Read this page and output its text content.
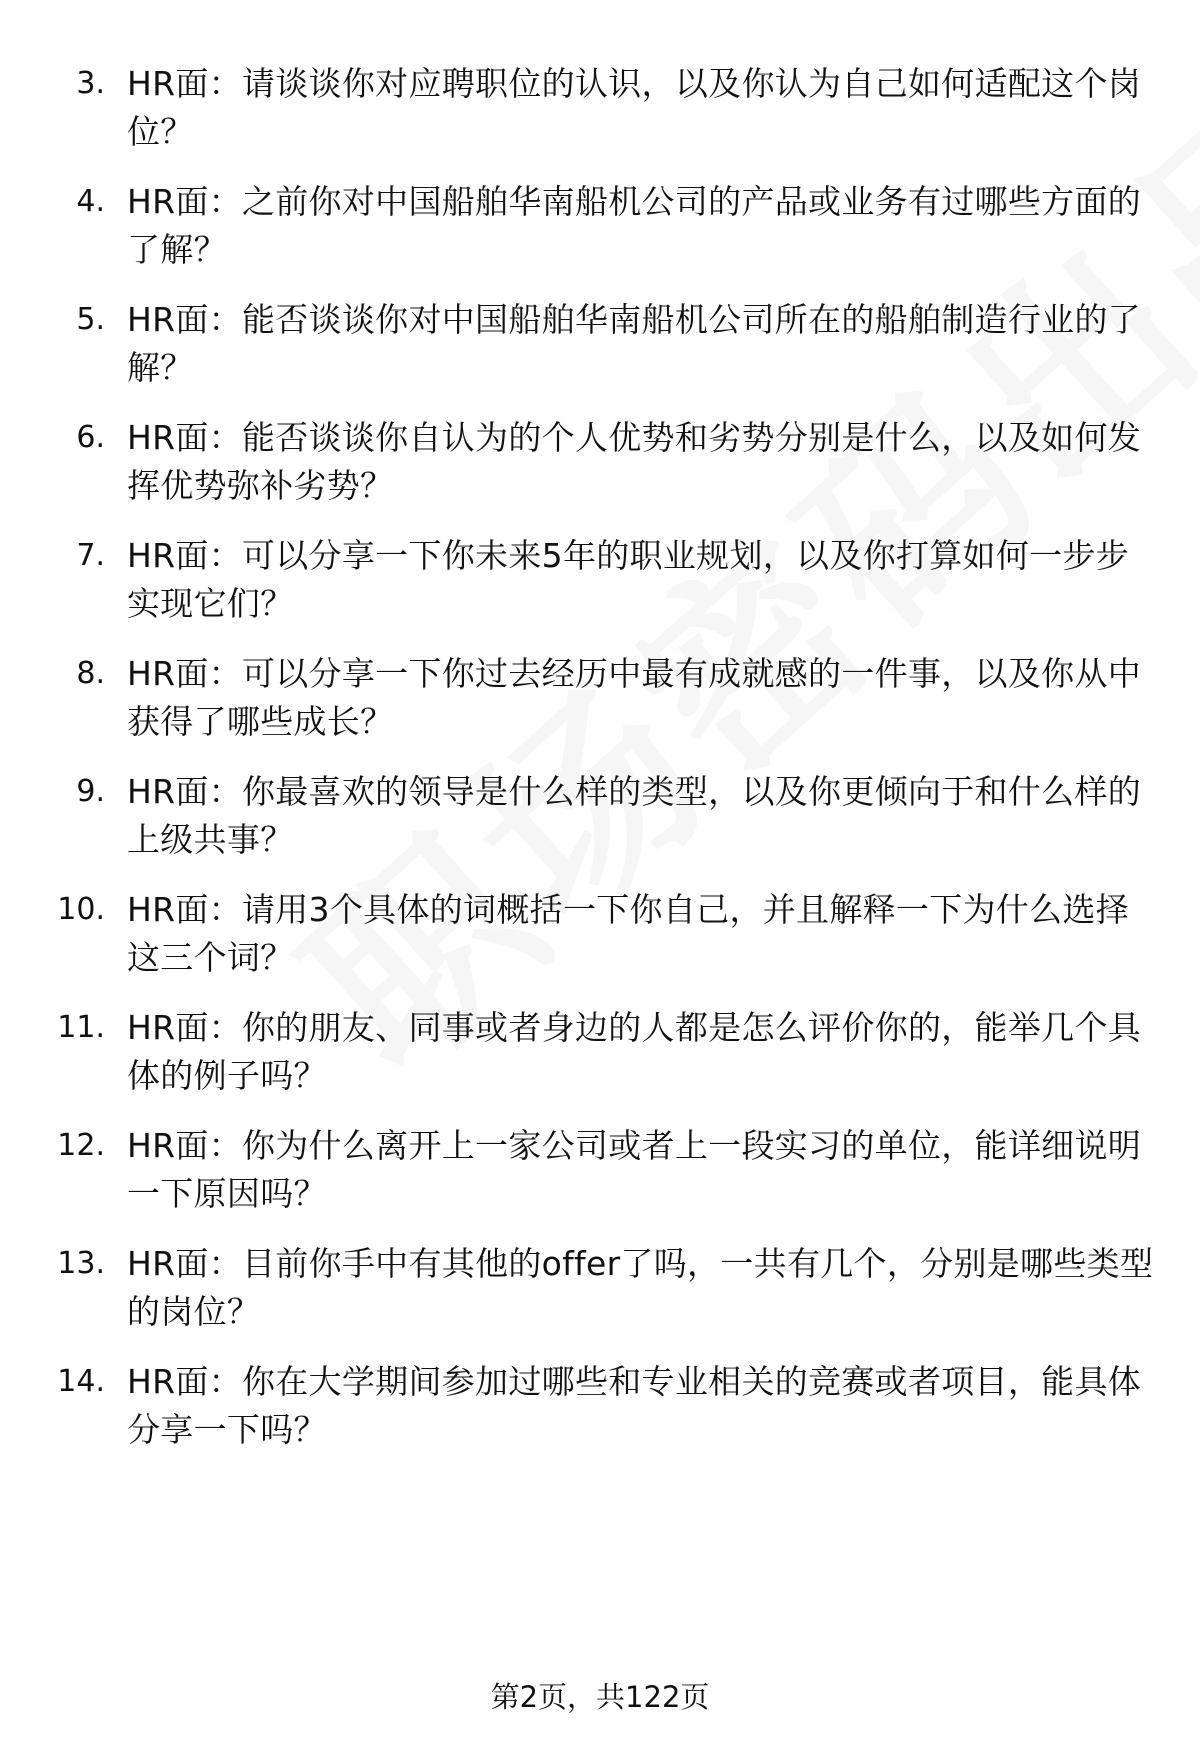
3. HR面：请谈谈你对应聘职位的认识，以及你认为自己如何适配这个岗位？
4. HR面：之前你对中国船舶华南船机公司的产品或业务有过哪些方面的了解？
5. HR面：能否谈谈你对中国船舶华南船机公司所在的船舶制造行业的了解？
6. HR面：能否谈谈你自认为的个人优势和劣势分别是什么，以及如何发挥优势弥补劣势？
7. HR面：可以分享一下你未来5年的职业规划，以及你打算如何一步步实现它们？
8. HR面：可以分享一下你过去经历中最有成就感的一件事，以及你从中获得了哪些成长？
9. HR面：你最喜欢的领导是什么样的类型，以及你更倾向于和什么样的上级共事？
10. HR面：请用3个具体的词概括一下你自己，并且解释一下为什么选择这三个词？
11. HR面：你的朋友、同事或者身边的人都是怎么评价你的，能举几个具体的例子吗？
12. HR面：你为什么离开上一家公司或者上一段实习的单位，能详细说明一下原因吗？
13. HR面：目前你手中有其他的offer了吗，一共有几个，分别是哪些类型的岗位？
14. HR面：你在大学期间参加过哪些和专业相关的竞赛或者项目，能具体分享一下吗？
第2页，共122页
